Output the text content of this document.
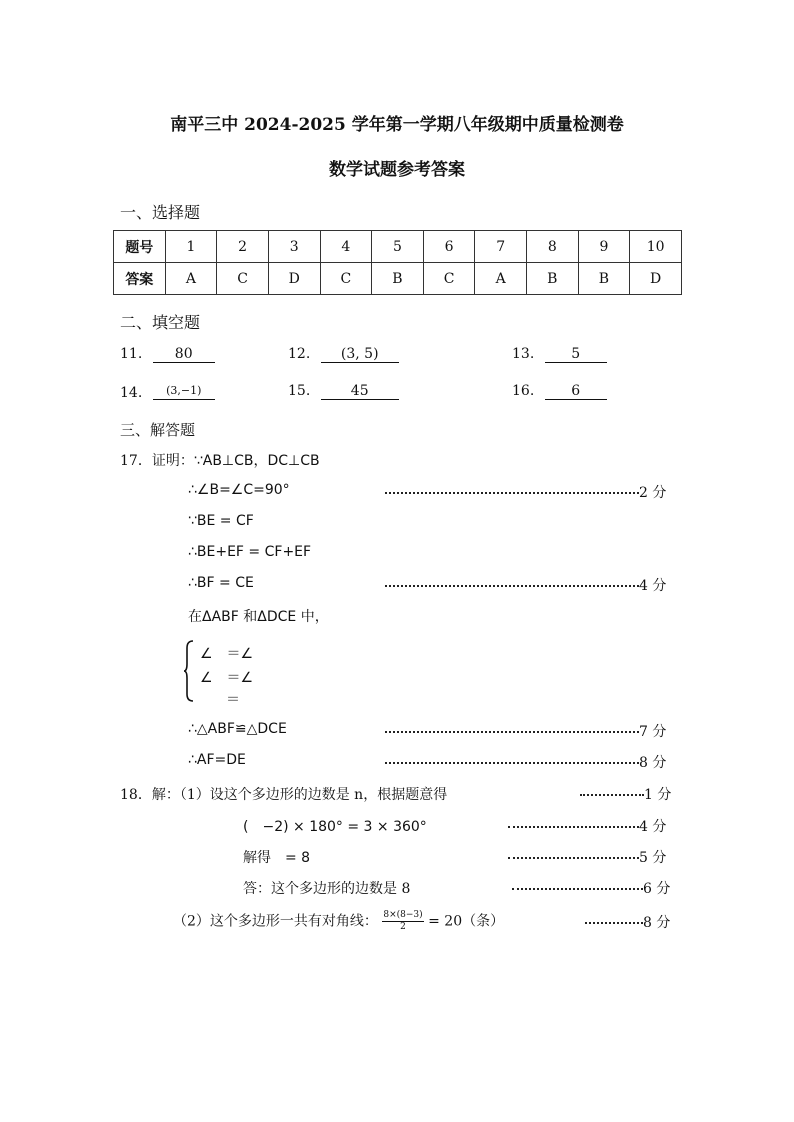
南平三中 2024-2025 学年第一学期八年级期中质量检测卷
数学试题参考答案
一、选择题
题号	1	2	3	4	5	6	7	8	9	10
答案	A	C	D	C	B	C	A	B	B	D
二、填空题
11. 80	12. (3, 5)	13.	5
14. (3,−1)	15.	45	16.	6
三、解答题
17．证明：∵AB⊥CB，DC⊥CB
∴∠B=∠C=90°	2 分
∵BE = CF
∴BE+EF = CF+EF
∴BF = CE	4 分
在ΔABF 和ΔDCE 中，
∠　＝∠
∠　＝∠
＝
∴△ABF≌△DCE	7 分
∴AF=DE	8 分
18．解：（1）设这个多边形的边数是 n，根据题意得	1 分
(　−2) × 180° = 3 × 360°	4 分
解得　= 8	5 分
答：这个多边形的边数是 8	6 分
（2）这个多边形一共有对角线： $\frac{8\times(8-3)}{2} = 20$（条）	8 分
